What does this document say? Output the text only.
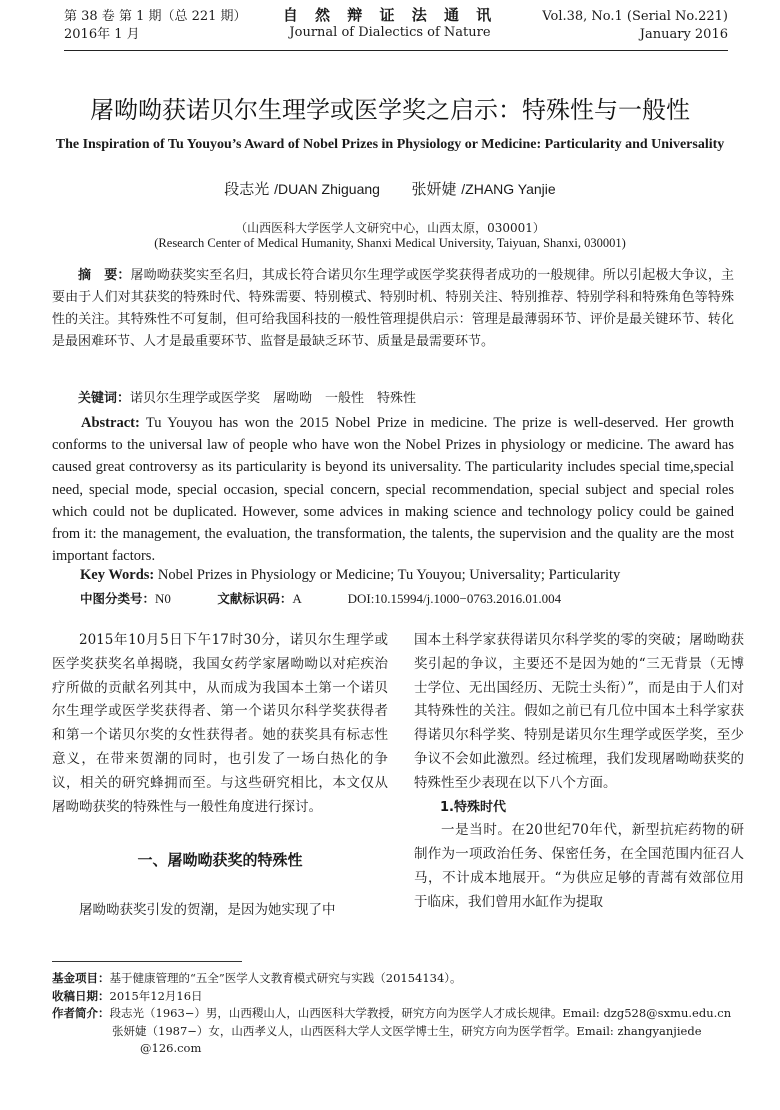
第 38 卷 第 1 期（总 221 期）
2016年 1 月
自 然 辩 证 法 通 讯
Journal of Dialectics of Nature
Vol.38, No.1 (Serial No.221)
January 2016
屠呦呦获诺贝尔生理学或医学奖之启示：特殊性与一般性
The Inspiration of Tu Youyou’s Award of Nobel Prizes in Physiology or Medicine: Particularity and Universality
段志光 /DUAN Zhiguang 张妍婕 /ZHANG Yanjie
（山西医科大学医学人文研究中心，山西太原，030001）
(Research Center of Medical Humanity, Shanxi Medical University, Taiyuan, Shanxi, 030001)
摘　要：屠呦呦获奖实至名归，其成长符合诺贝尔生理学或医学奖获得者成功的一般规律。所以引起极大争议，主要由于人们对其获奖的特殊时代、特殊需要、特别模式、特别时机、特别关注、特别推荐、特别学科和特殊角色等特殊性的关注。其特殊性不可复制，但可给我国科技的一般性管理提供启示：管理是最薄弱环节、评价是最关键环节、转化是最困难环节、人才是最重要环节、监督是最缺乏环节、质量是最需要环节。
关键词：诺贝尔生理学或医学奖　屠呦呦　一般性　特殊性
Abstract: Tu Youyou has won the 2015 Nobel Prize in medicine. The prize is well-deserved. Her growth conforms to the universal law of people who have won the Nobel Prizes in physiology or medicine. The award has caused great controversy as its particularity is beyond its universality. The particularity includes special time,special need, special mode, special occasion, special concern, special recommendation, special subject and special roles which could not be duplicated. However, some advices in making science and technology policy could be gained from it: the management, the evaluation, the transformation, the talents, the supervision and the quality are the most important factors.
Key Words: Nobel Prizes in Physiology or Medicine; Tu Youyou; Universality; Particularity
中图分类号：N0	文献标识码：A	DOI:10.15994/j.1000−0763.2016.01.004

2015年10月5日下午17时30分，诺贝尔生理学或医学奖获奖名单揭晓，我国女药学家屠呦呦以对疟疾治疗所做的贡献名列其中，从而成为我国本土第一个诺贝尔生理学或医学奖获得者、第一个诺贝尔科学奖获得者和第一个诺贝尔奖的女性获得者。她的获奖具有标志性意义，在带来贺潮的同时，也引发了一场白热化的争议，相关的研究蜂拥而至。与这些研究相比，本文仅从屠呦呦获奖的特殊性与一般性角度进行探讨。

一、屠呦呦获奖的特殊性

屠呦呦获奖引发的贺潮，是因为她实现了中

国本土科学家获得诺贝尔科学奖的零的突破；屠呦呦获奖引起的争议，主要还不是因为她的“三无背景（无博士学位、无出国经历、无院士头衔）”，而是由于人们对其特殊性的关注。假如之前已有几位中国本土科学家获得诺贝尔科学奖、特别是诺贝尔生理学或医学奖，至少争议不会如此激烈。经过梳理，我们发现屠呦呦获奖的特殊性至少表现在以下八个方面。

1.特殊时代

一是当时。在20世纪70年代，新型抗疟药物的研制作为一项政治任务、保密任务，在全国范围内征召人马，不计成本地展开。“为供应足够的青蒿有效部位用于临床，我们曾用水缸作为提取

基金项目：基于健康管理的“五全”医学人文教育模式研究与实践（20154134）。
收稿日期：2015年12月16日
作者简介：段志光（1963−）男，山西稷山人，山西医科大学教授，研究方向为医学人才成长规律。Email: dzg528@sxmu.edu.cn
张妍婕（1987−）女，山西孝义人，山西医科大学人文医学博士生，研究方向为医学哲学。Email: zhangyanjiede
@126.com
